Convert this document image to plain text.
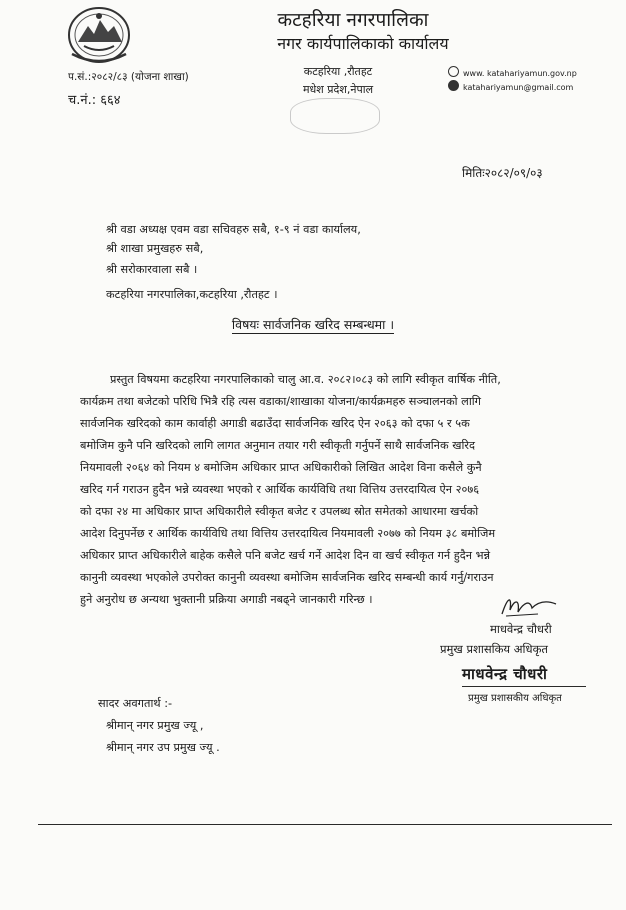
कटहरिया नगरपालिका
नगर कार्यपालिकाको कार्यालय
प.सं.:२०८२/८३ (योजना शाखा)
च.नं.: ६६४
कटहरिया ,रौतहट
मधेश प्रदेश,नेपाल
www. katahariyamun.gov.np
katahariyamun@gmail.com
मितिः२०८२/०९/०३
श्री वडा अध्यक्ष एवम वडा सचिवहरु सबै, १-९ नं वडा कार्यालय,
श्री शाखा प्रमुखहरु सबै,
श्री सरोकारवाला सबै ।
कटहरिया नगरपालिका,कटहरिया ,रौतहट ।
विषयः सार्वजनिक खरिद सम्बन्धमा ।
प्रस्तुत विषयमा कटहरिया नगरपालिकाको चालु आ.व. २०८२।०८३ को लागि स्वीकृत वार्षिक नीति,
कार्यक्रम तथा बजेटको परिधि भित्रै रहि त्यस वडाका/शाखाका योजना/कार्यक्रमहरु सञ्चालनको लागि
सार्वजनिक खरिदको काम कार्वाही अगाडी बढाउँदा सार्वजनिक खरिद ऐन २०६३ को दफा ५ र ५क
बमोजिम कुनै पनि खरिदको लागि लागत अनुमान तयार गरी स्वीकृती गर्नुपर्ने साथै सार्वजनिक खरिद
नियमावली २०६४ को नियम ४ बमोजिम अधिकार प्राप्त अधिकारीको लिखित आदेश विना कसैले कुनै
खरिद गर्न गराउन हुदैन भन्ने व्यवस्था भएको र आर्थिक कार्यविधि तथा वित्तिय उत्तरदायित्व ऐन २०७६
को दफा २४ मा अधिकार प्राप्त अधिकारीले स्वीकृत बजेट र उपलब्ध स्रोत समेतको आधारमा खर्चको
आदेश दिनुपर्नेछ र आर्थिक कार्यविधि तथा वित्तिय उत्तरदायित्व नियमावली २०७७ को नियम ३८ बमोजिम
अधिकार प्राप्त अधिकारीले बाहेक कसैले पनि बजेट खर्च गर्ने आदेश दिन वा खर्च स्वीकृत गर्न हुदैन भन्ने
कानुनी व्यवस्था भएकोले उपरोक्त कानुनी व्यवस्था बमोजिम सार्वजनिक खरिद सम्बन्धी कार्य गर्नु/गराउन
हुने अनुरोध छ अन्यथा भुक्तानी प्रक्रिया अगाडी नबढ्ने जानकारी गरिन्छ ।
माधवेन्द्र चौधरी
प्रमुख प्रशासकिय अधिकृत
माधवेन्द्र चौधरी
प्रमुख प्रशासकीय अधिकृत
सादर अवगतार्थ :-
श्रीमान् नगर प्रमुख ज्यू ,
श्रीमान् नगर उप प्रमुख ज्यू .
